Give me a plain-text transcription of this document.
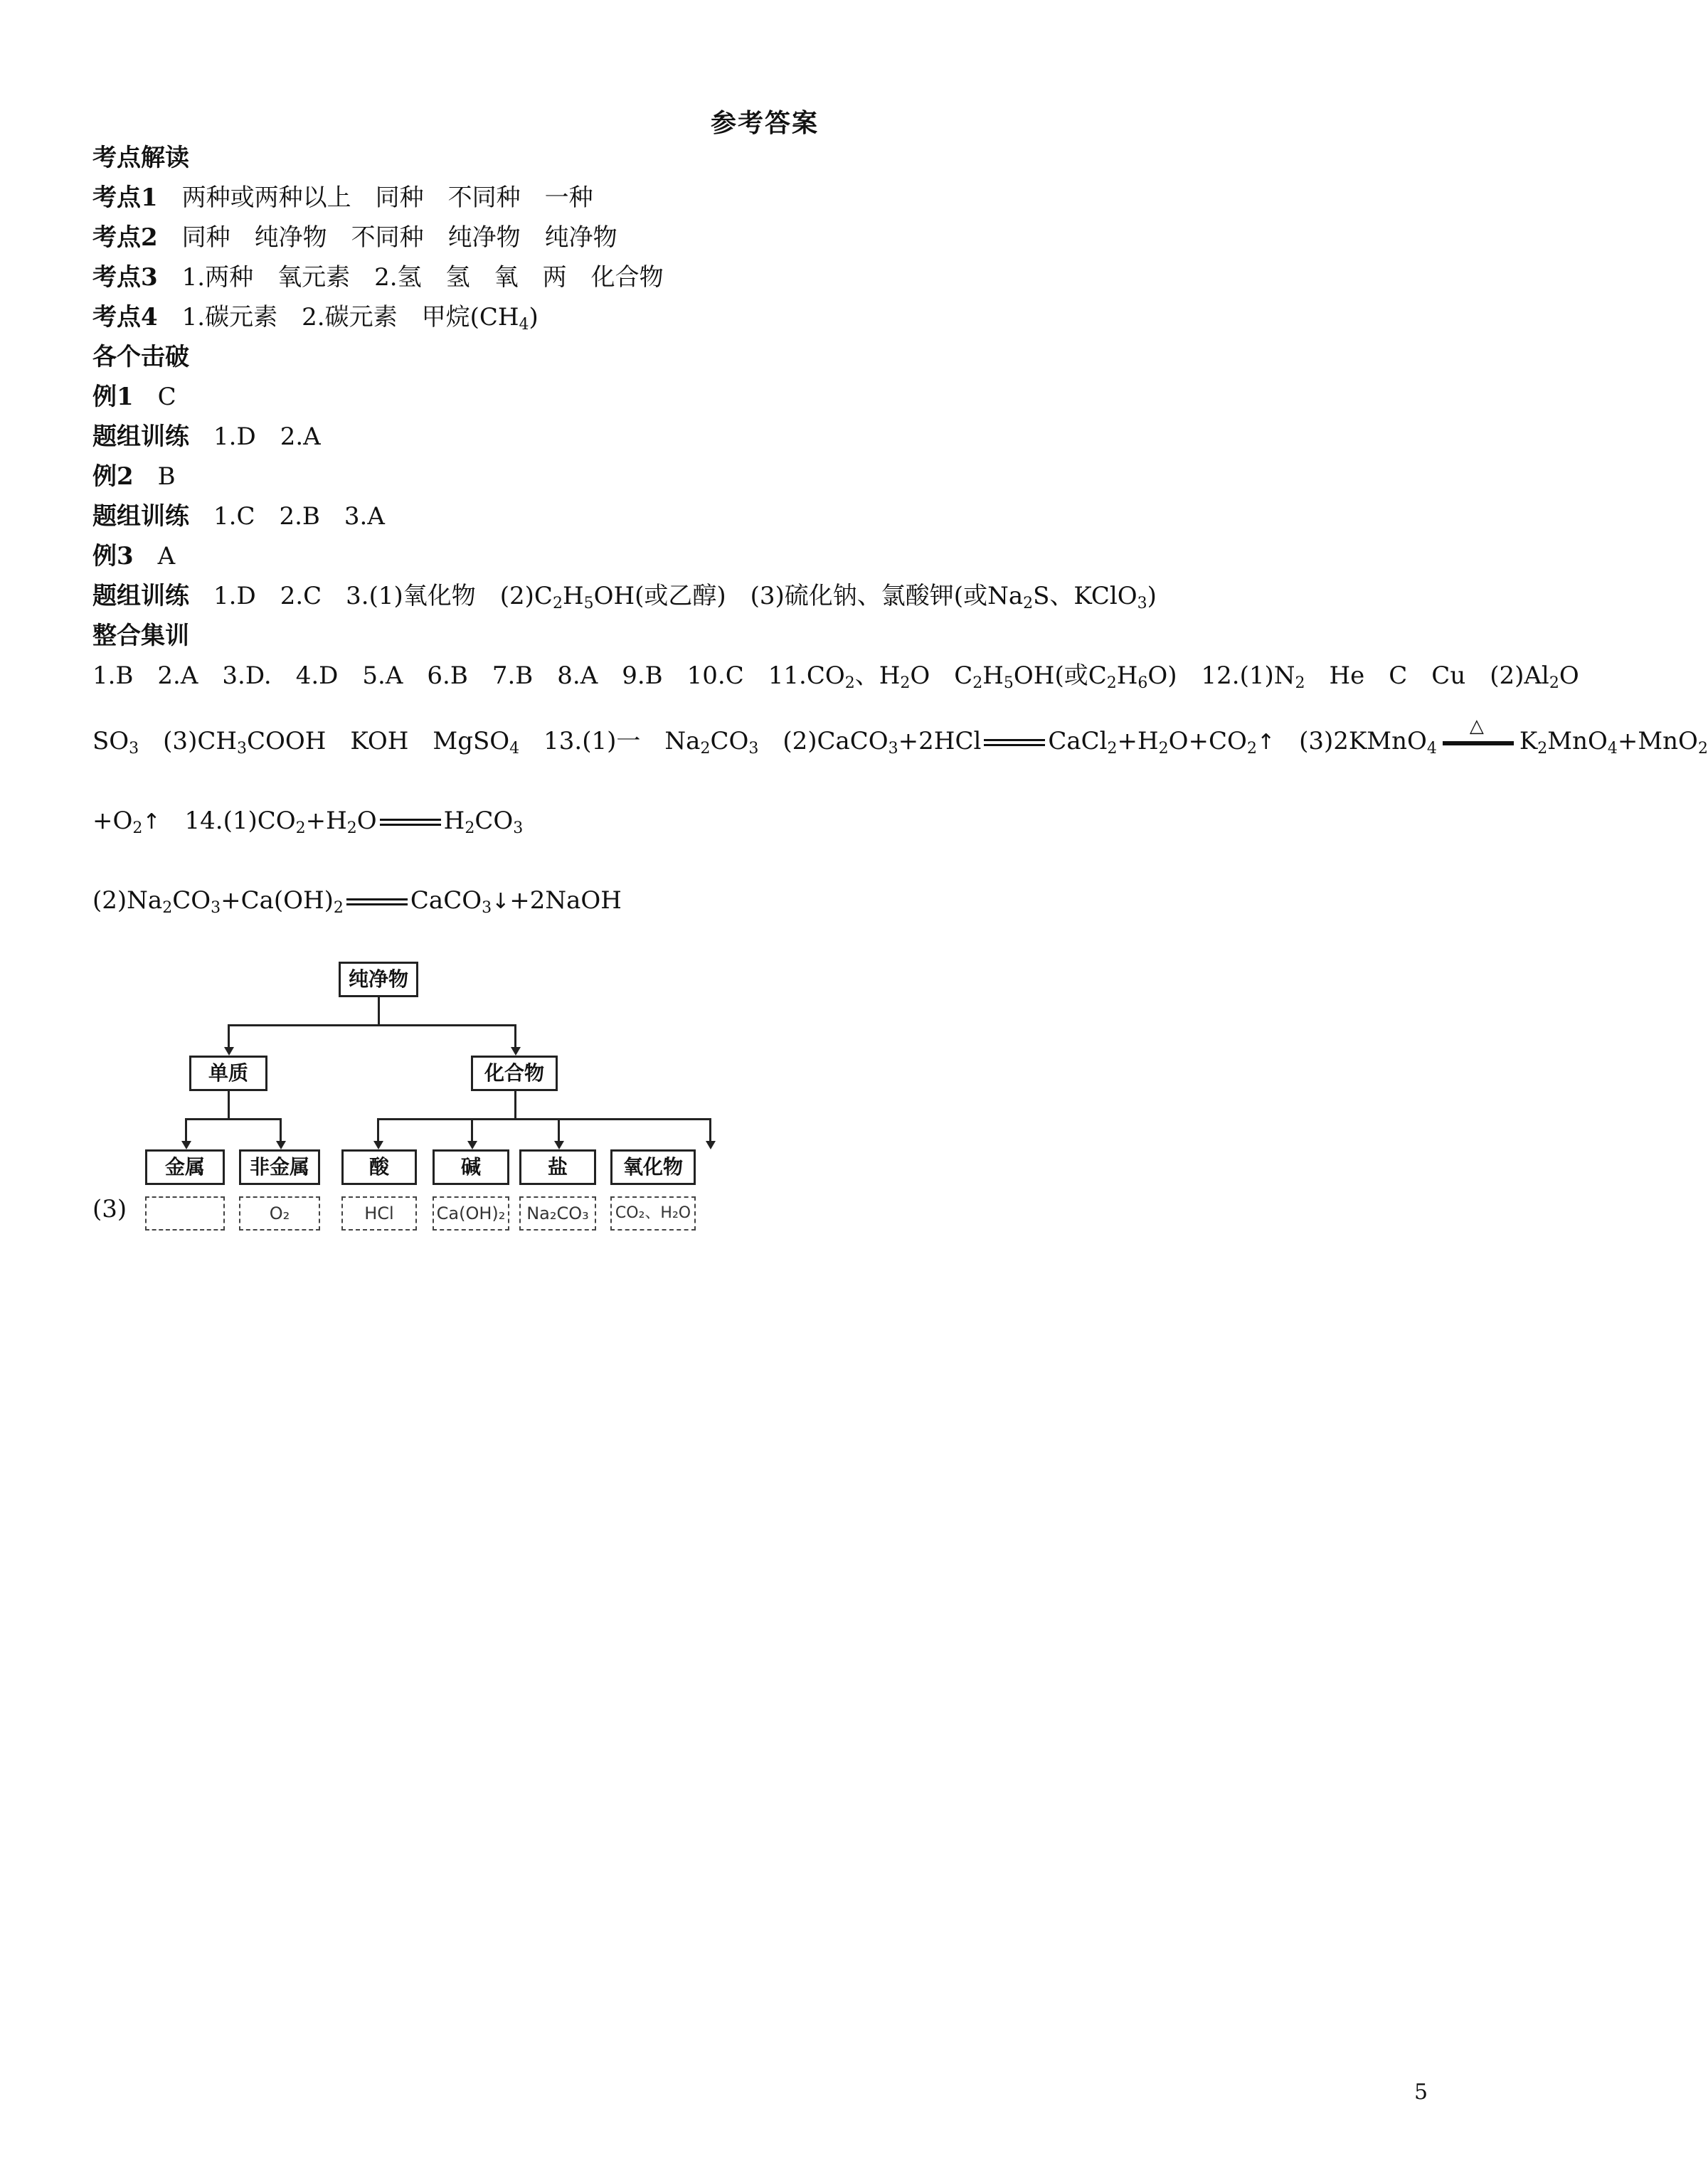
参考答案
考点解读
考点1 两种或两种以上 同种 不同种 一种
考点2 同种 纯净物 不同种 纯净物 纯净物
考点3 1.两种 氧元素 2.氢 氢 氧 两 化合物
考点4 1.碳元素 2.碳元素 甲烷$(CH_4)$
各个击破
例1 C
题组训练 1.D　2.A
例2 B
题组训练 1.C　2.B　3.A
例3 A
题组训练 1.D　2.C　3.(1)氧化物　$(2)C_2H_5OH$(或乙醇)　(3)硫化钠、氯酸钾(或$Na_2S$、KClO$_3$)
整合集训
1.B　2.A　3.D.　4.D　5.A　6.B　7.B　8.A　9.B　10.C　$11.CO_2$、$H_2O$　$C_2H_5OH$(或$C_2H_6O$)　$12.(1)N_2$　He　C　Cu　$(2)Al_2O$
$SO_3$　$(3)CH_3COOH$　KOH　MgSO$_4$　13.(1)一　$Na_2CO_3$　(2)CaCO$_3$+2HCl	$CaCl_2+H_2O+CO_2↑$　(3)2KMnO$_4$
△
$K_2MnO_4+MnO_2$
$+O_2↑$　$14.(1)CO_2+H_2O$	$H_2CO_3$
$(2)Na_2CO_3+Ca(OH)_2$	CaCO$_3$↓+2NaOH
(3)
纯净物
单质	化合物
金属	非金属	酸	碱	盐	氧化物
O₂	HCl	Ca(OH)₂	Na₂CO₃	CO₂、H₂O
5
